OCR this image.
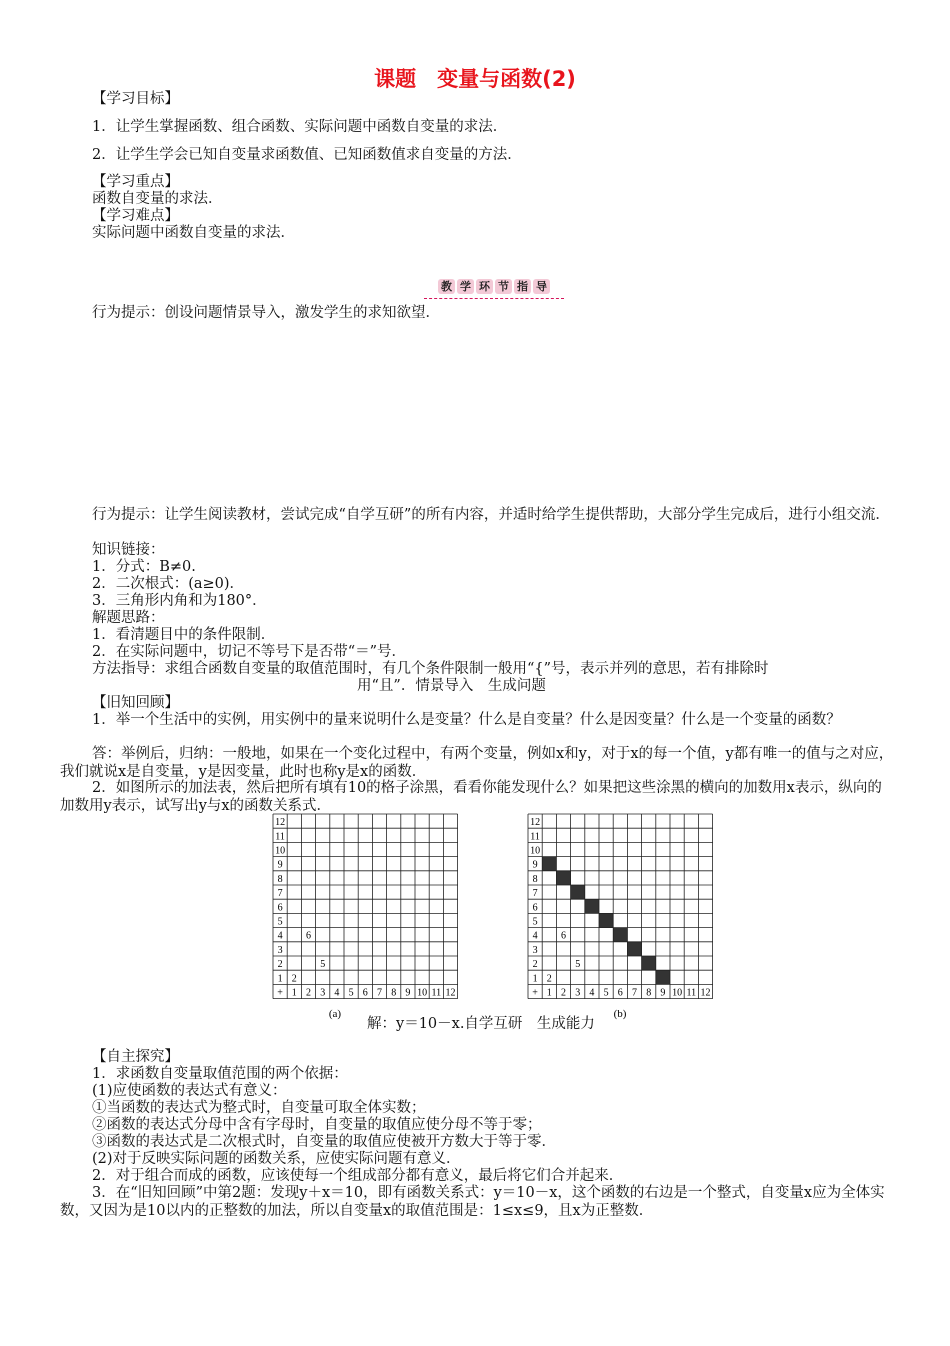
课题　变量与函数(2)
【学习目标】
1．让学生掌握函数、组合函数、实际问题中函数自变量的求法．
2．让学生学会已知自变量求函数值、已知函数值求自变量的方法．
【学习重点】
函数自变量的求法．
【学习难点】
实际问题中函数自变量的求法．
教 学 环 节 指 导
行为提示：创设问题情景导入，激发学生的求知欲望．
行为提示：让学生阅读教材，尝试完成“自学互研”的所有内容，并适时给学生提供帮助，大部分学生完成后，进行小组交流．
知识链接：
1．分式：B≠0.
2．二次根式：(a≥0)．
3．三角形内角和为180°．
解题思路：
1．看清题目中的条件限制．
2．在实际问题中，切记不等号下是否带“＝”号．
方法指导：求组合函数自变量的取值范围时，有几个条件限制一般用“{”号，表示并列的意思，若有排除时
用“且”．情景导入　生成问题
【旧知回顾】
1．举一个生活中的实例，用实例中的量来说明什么是变量？什么是自变量？什么是因变量？什么是一个变量的函数？
答：举例后，归纳：一般地，如果在一个变化过程中，有两个变量，例如x和y，对于x的每一个值，y都有唯一的值与之对应，我们就说x是自变量，y是因变量，此时也称y是x的函数．
2．如图所示的加法表，然后把所有填有10的格子涂黑，看看你能发现什么？如果把这些涂黑的横向的加数用x表示，纵向的加数用y表示，试写出y与x的函数关系式．
+
1
1
2
2
3
3
4
4
5
5
6
6
7
7
8
8
9
9
10
10
11
11
12
12
2
6
5
+
1
1
2
2
3
3
4
4
5
5
6
6
7
7
8
8
9
9
10
10
11
11
12
12
2
6
5
(a)	(b)
解：y＝10－x.自学互研　生成能力
【自主探究】
1．求函数自变量取值范围的两个依据：
(1)应使函数的表达式有意义：
①当函数的表达式为整式时，自变量可取全体实数；
②函数的表达式分母中含有字母时，自变量的取值应使分母不等于零；
③函数的表达式是二次根式时，自变量的取值应使被开方数大于等于零．
(2)对于反映实际问题的函数关系，应使实际问题有意义．
2．对于组合而成的函数，应该使每一个组成部分都有意义，最后将它们合并起来．
3．在“旧知回顾”中第2题：发现y＋x＝10，即有函数关系式：y＝10－x，这个函数的右边是一个整式，自变量x应为全体实数，又因为是10以内的正整数的加法，所以自变量x的取值范围是：1≤x≤9，且x为正整数．
